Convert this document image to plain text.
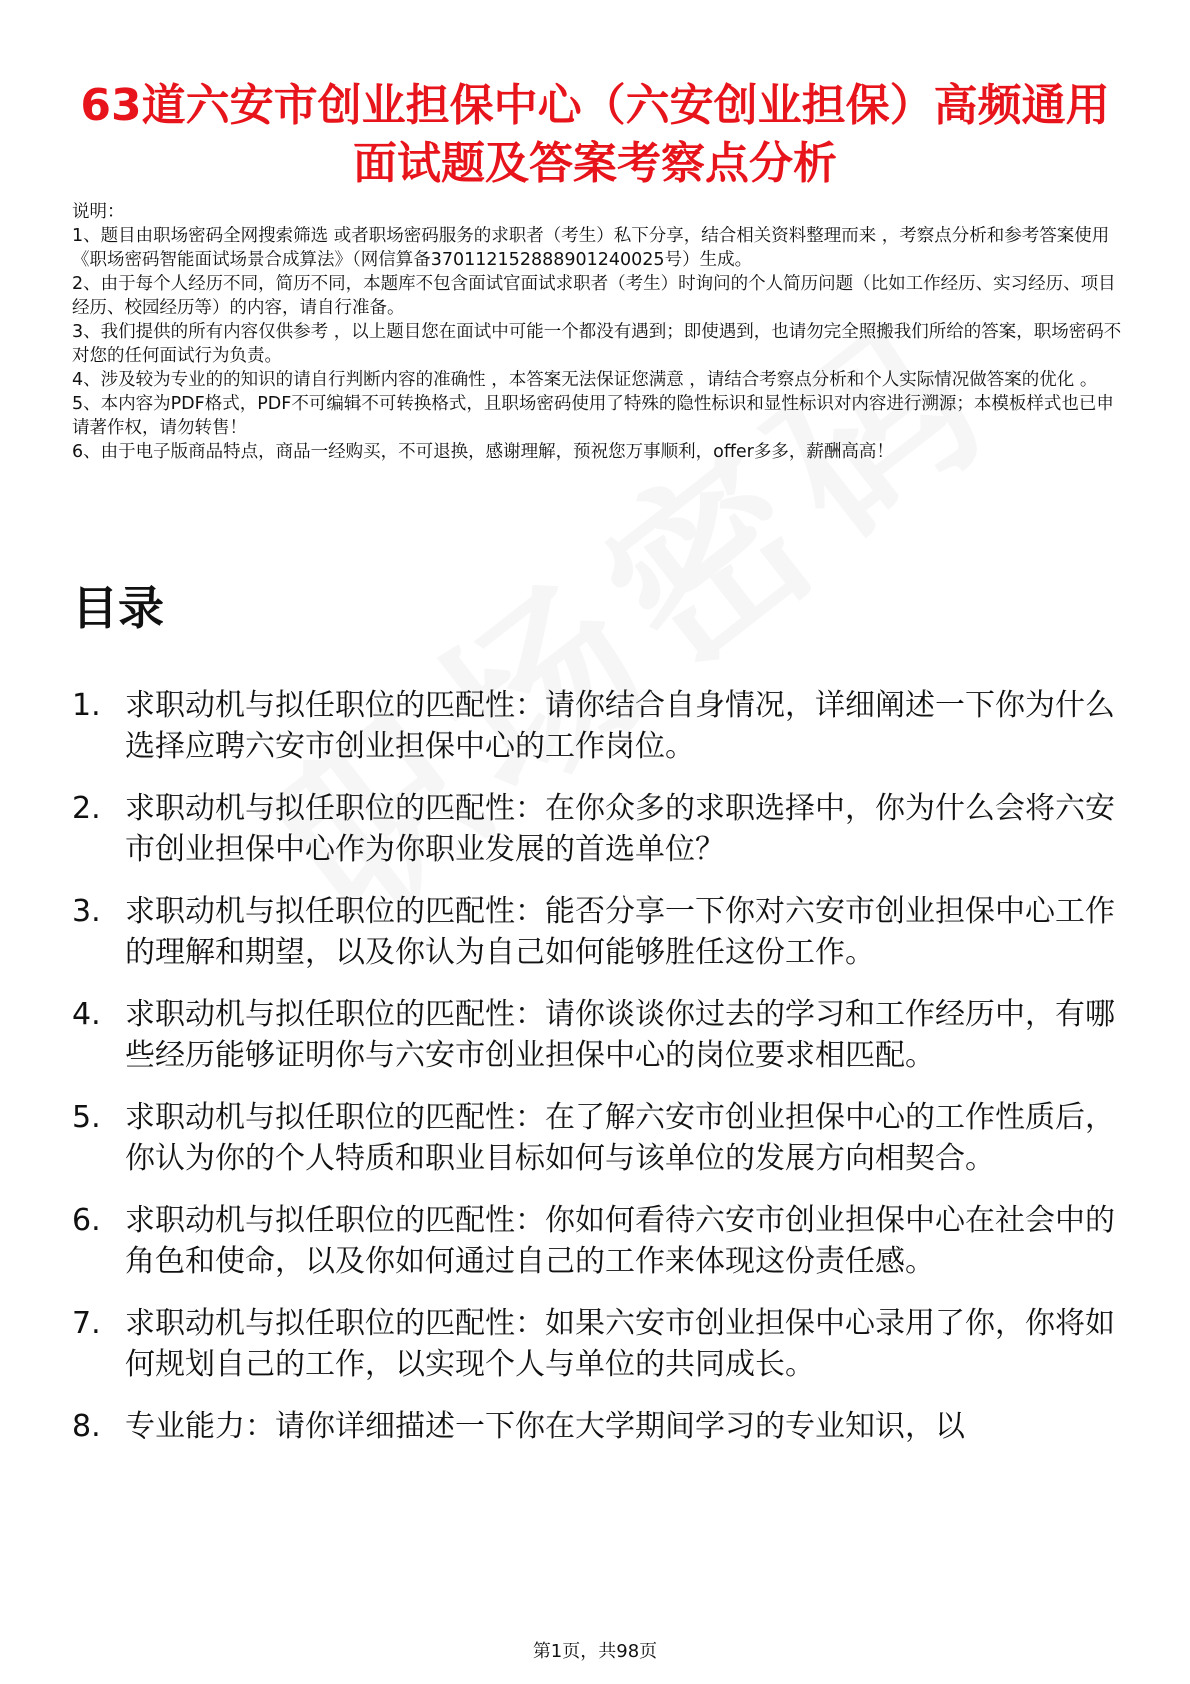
63道六安市创业担保中心（六安创业担保）高频通用面试题及答案考察点分析

说明：

1、题目由职场密码全网搜索筛选 或者职场密码服务的求职者（考生）私下分享，结合相关资料整理而来 ，考察点分析和参考答案使用《职场密码智能面试场景合成算法》（网信算备370112152888901240025号）生成。

2、由于每个人经历不同，简历不同，本题库不包含面试官面试求职者（考生）时询问的个人简历问题（比如工作经历、实习经历、项目经历、校园经历等）的内容，请自行准备。

3、我们提供的所有内容仅供参考 ，以上题目您在面试中可能一个都没有遇到；即使遇到，也请勿完全照搬我们所给的答案，职场密码不对您的任何面试行为负责。

4、涉及较为专业的的知识的请自行判断内容的准确性 ，本答案无法保证您满意 ，请结合考察点分析和个人实际情况做答案的优化 。

5、本内容为PDF格式，PDF不可编辑不可转换格式，且职场密码使用了特殊的隐性标识和显性标识对内容进行溯源；本模板样式也已申请著作权，请勿转售！

6、由于电子版商品特点，商品一经购买，不可退换，感谢理解，预祝您万事顺利，offer多多，薪酬高高！

目录
1. 求职动机与拟任职位的匹配性：请你结合自身情况，详细阐述一下你为什么选择应聘六安市创业担保中心的工作岗位。
2. 求职动机与拟任职位的匹配性：在你众多的求职选择中，你为什么会将六安市创业担保中心作为你职业发展的首选单位？
3. 求职动机与拟任职位的匹配性：能否分享一下你对六安市创业担保中心工作的理解和期望，以及你认为自己如何能够胜任这份工作。
4. 求职动机与拟任职位的匹配性：请你谈谈你过去的学习和工作经历中，有哪些经历能够证明你与六安市创业担保中心的岗位要求相匹配。
5. 求职动机与拟任职位的匹配性：在了解六安市创业担保中心的工作性质后，你认为你的个人特质和职业目标如何与该单位的发展方向相契合。
6. 求职动机与拟任职位的匹配性：你如何看待六安市创业担保中心在社会中的角色和使命，以及你如何通过自己的工作来体现这份责任感。
7. 求职动机与拟任职位的匹配性：如果六安市创业担保中心录用了你，你将如何规划自己的工作，以实现个人与单位的共同成长。
8. 专业能力：请你详细描述一下你在大学期间学习的专业知识，以
第1页，共98页
